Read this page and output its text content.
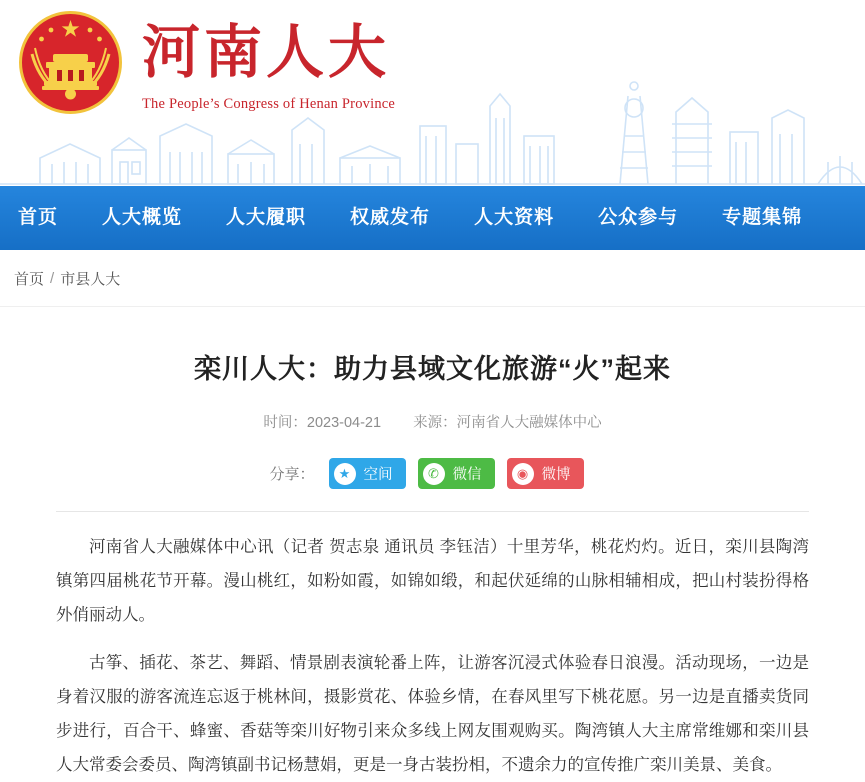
河南人大
The People’s Congress of Henan Province
首页	人大概览	人大履职	权威发布	人大资料	公众参与	专题集锦
首页 / 市县人大
栾川人大：助力县域文化旅游“火”起来
时间：2023-04-21 来源：河南省人大融媒体中心
分享：	★ 空间	✆ 微信	◉ 微博

河南省人大融媒体中心讯（记者 贺志泉 通讯员 李钰洁）十里芳华，桃花灼灼。近日，栾川县陶湾镇第四届桃花节开幕。漫山桃红，如粉如霞，如锦如缎，和起伏延绵的山脉相辅相成，把山村装扮得格外俏丽动人。

古筝、插花、茶艺、舞蹈、情景剧表演轮番上阵，让游客沉浸式体验春日浪漫。活动现场，一边是身着汉服的游客流连忘返于桃林间，摄影赏花、体验乡情，在春风里写下桃花愿。另一边是直播卖货同步进行，百合干、蜂蜜、香菇等栾川好物引来众多线上网友围观购买。陶湾镇人大主席常维娜和栾川县人大常委会委员、陶湾镇副书记杨慧娟，更是一身古装扮相，不遗余力的宣传推广栾川美景、美食。
